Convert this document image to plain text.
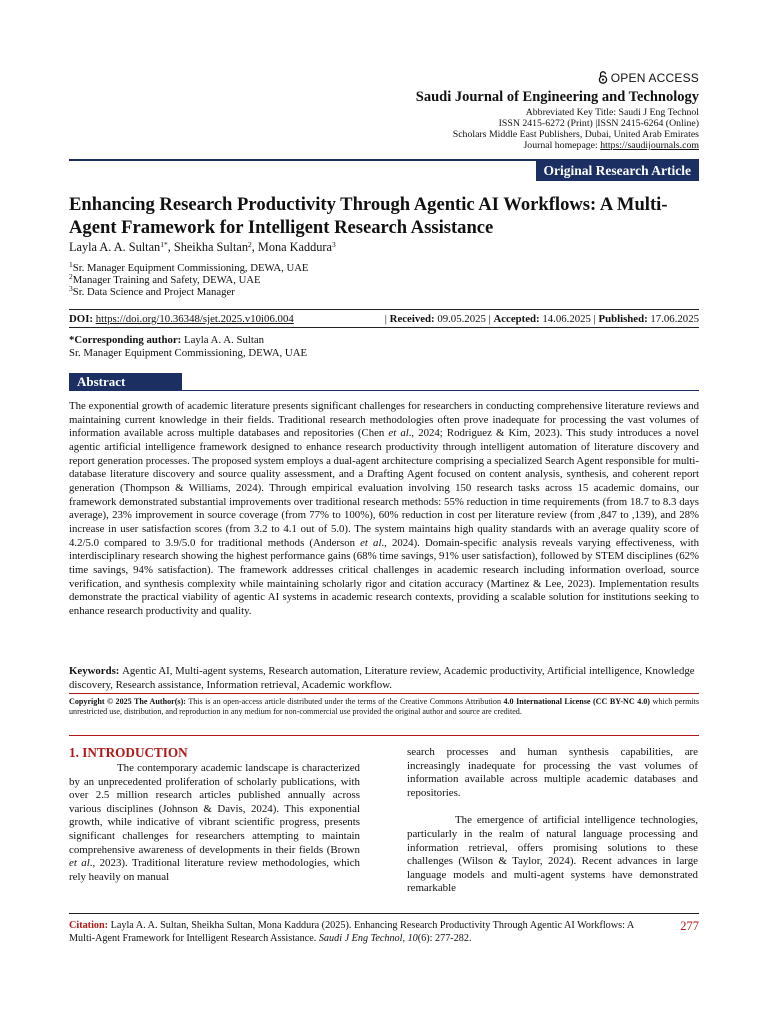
OPEN ACCESS
Saudi Journal of Engineering and Technology
Abbreviated Key Title: Saudi J Eng Technol
ISSN 2415-6272 (Print) |ISSN 2415-6264 (Online)
Scholars Middle East Publishers, Dubai, United Arab Emirates
Journal homepage: https://saudijournals.com
Original Research Article
Enhancing Research Productivity Through Agentic AI Workflows: A Multi-Agent Framework for Intelligent Research Assistance
Layla A. A. Sultan$^{1*}$, Sheikha Sultan$^2$, Mona Kaddura$^3$
$^1$Sr. Manager Equipment Commissioning, DEWA, UAE
$^2$Manager Training and Safety, DEWA, UAE
$^3$Sr. Data Science and Project Manager
DOI: https://doi.org/10.36348/sjet.2025.v10i06.004	| Received: 09.05.2025 | Accepted: 14.06.2025 | Published: 17.06.2025
*Corresponding author: Layla A. A. Sultan
Sr. Manager Equipment Commissioning, DEWA, UAE
Abstract
The exponential growth of academic literature presents significant challenges for researchers in conducting comprehensive literature reviews and maintaining current knowledge in their fields. Traditional research methodologies often prove inadequate for processing the vast volumes of information available across multiple databases and repositories (Chen et al., 2024; Rodriguez & Kim, 2023). This study introduces a novel agentic artificial intelligence framework designed to enhance research productivity through intelligent automation of literature discovery and report generation processes. The proposed system employs a dual-agent architecture comprising a specialized Search Agent responsible for multi-database literature discovery and source quality assessment, and a Drafting Agent focused on content analysis, synthesis, and coherent report generation (Thompson & Williams, 2024). Through empirical evaluation involving 150 research tasks across 15 academic domains, our framework demonstrated substantial improvements over traditional research methods: 55% reduction in time requirements (from 18.7 to 8.3 days average), 23% improvement in source coverage (from 77% to 100%), 60% reduction in cost per literature review (from ,847 to ,139), and 28% increase in user satisfaction scores (from 3.2 to 4.1 out of 5.0). The system maintains high quality standards with an average quality score of 4.2/5.0 compared to 3.9/5.0 for traditional methods (Anderson et al., 2024). Domain-specific analysis reveals varying effectiveness, with interdisciplinary research showing the highest performance gains (68% time savings, 91% user satisfaction), followed by STEM disciplines (62% time savings, 94% satisfaction). The framework addresses critical challenges in academic research including information overload, source verification, and synthesis complexity while maintaining scholarly rigor and citation accuracy (Martinez & Lee, 2023). Implementation results demonstrate the practical viability of agentic AI systems in academic research contexts, providing a scalable solution for institutions seeking to enhance research productivity and quality.
Keywords: Agentic AI, Multi-agent systems, Research automation, Literature review, Academic productivity, Artificial intelligence, Knowledge discovery, Research assistance, Information retrieval, Academic workflow.
Copyright © 2025 The Author(s): This is an open-access article distributed under the terms of the Creative Commons Attribution 4.0 International License (CC BY-NC 4.0) which permits unrestricted use, distribution, and reproduction in any medium for non-commercial use provided the original author and source are credited.
1. INTRODUCTION

The contemporary academic landscape is characterized by an unprecedented proliferation of scholarly publications, with over 2.5 million research articles published annually across various disciplines (Johnson & Davis, 2024). This exponential growth, while indicative of vibrant scientific progress, presents significant challenges for researchers attempting to maintain comprehensive awareness of developments in their fields (Brown et al., 2023). Traditional literature review methodologies, which rely heavily on manual

search processes and human synthesis capabilities, are increasingly inadequate for processing the vast volumes of information available across multiple academic databases and repositories.

The emergence of artificial intelligence technologies, particularly in the realm of natural language processing and information retrieval, offers promising solutions to these challenges (Wilson & Taylor, 2024). Recent advances in large language models and multi-agent systems have demonstrated remarkable

Citation: Layla A. A. Sultan, Sheikha Sultan, Mona Kaddura (2025). Enhancing Research Productivity Through Agentic AI Workflows: A Multi-Agent Framework for Intelligent Research Assistance. Saudi J Eng Technol, 10(6): 277-282.
277
